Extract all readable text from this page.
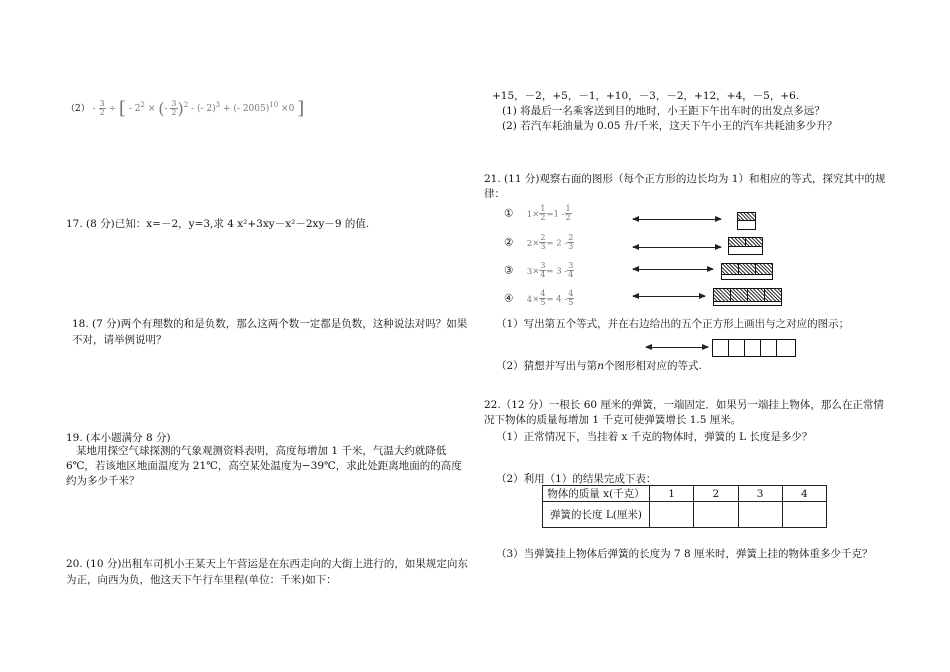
$(2) - \frac{3}{2}$ ÷ [ - $2^2$ × (- $\frac{3}{2} )^2$ - (- 2)$^3$ + (- 2005)$^{10}$ ×0 ]
17. (8 分)已知：x=－2，y=3,求 4 x²+3xy－x²－2xy－9 的值.
18. (7 分)两个有理数的和是负数，那么这两个数一定都是负数，这种说法对吗？如果不对，请举例说明？
19. (本小题满分 8 分)
某地用探空气球探测的气象观测资料表明，高度每增加 1 千米，气温大约就降低 6℃，若该地区地面温度为 21℃，高空某处温度为−39℃，求此处距离地面的的高度约为多少千米？
20. (10 分)出租车司机小王某天上午营运是在东西走向的大街上进行的，如果规定向东为正，向西为负，他这天下午行车里程(单位：千米)如下：
+15，－2，+5，－1，+10，－3，－2，+12，+4，－5，+6.
(1) 将最后一名乘客送到目的地时，小王距下午出车时的出发点多远？
(2) 若汽车耗油量为 0.05 升/千米，这天下午小王的汽车共耗油多少升？
21. (11 分)观察右面的图形（每个正方形的边长均为 1）和相应的等式，探究其中的规律：
① $1\times \frac{1}{2} =1 - \frac{1}{2}$
② $2\times \frac{2}{3} = 2 - \frac{2}{3}$
③ $3\times \frac{3}{4} = 3 - \frac{3}{4}$
④ $4\times \frac{4}{5} = 4 - \frac{4}{5}$
（1）写出第五个等式，并在右边给出的五个正方形上画出与之对应的图示；
（2）猜想并写出与第n个图形相对应的等式.
22.（12 分）一根长 60 厘米的弹簧，一端固定．如果另一端挂上物体，那么在正常情况下物体的质量每增加 1 千克可使弹簧增长 1.5 厘米。
（1）正常情况下，当挂着 x 千克的物体时，弹簧的 L 长度是多少？
（2）利用（1）的结果完成下表：
物体的质量 x(千克）	1	2	3	4
弹簧的长度 L(厘米)				
（3）当弹簧挂上物体后弹簧的长度为 7 8 厘米时，弹簧上挂的物体重多少千克？
